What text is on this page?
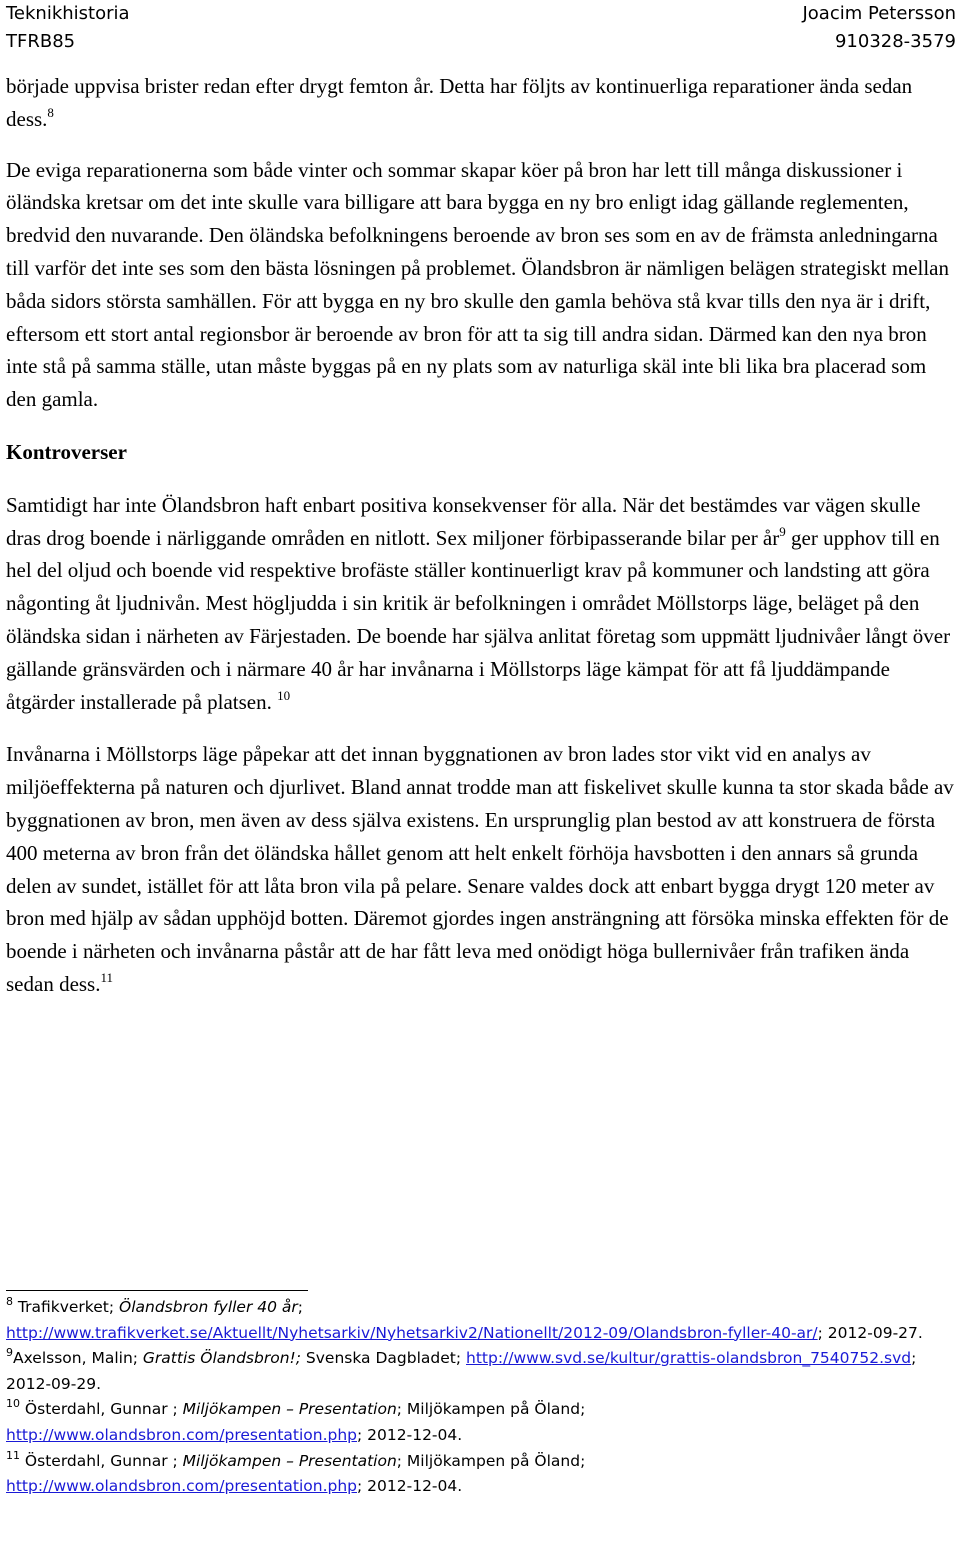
Teknikhistoria
TFRB85
Joacim Petersson
910328-3579

började uppvisa brister redan efter drygt femton år. Detta har följts av kontinuerliga reparationer ända sedan dess.$^8$

De eviga reparationerna som både vinter och sommar skapar köer på bron har lett till många diskussioner i öländska kretsar om det inte skulle vara billigare att bara bygga en ny bro enligt idag gällande reglementen, bredvid den nuvarande. Den öländska befolkningens beroende av bron ses som en av de främsta anledningarna till varför det inte ses som den bästa lösningen på problemet. Ölandsbron är nämligen belägen strategiskt mellan båda sidors största samhällen. För att bygga en ny bro skulle den gamla behöva stå kvar tills den nya är i drift, eftersom ett stort antal regionsbor är beroende av bron för att ta sig till andra sidan. Därmed kan den nya bron inte stå på samma ställe, utan måste byggas på en ny plats som av naturliga skäl inte bli lika bra placerad som den gamla.

Kontroverser

Samtidigt har inte Ölandsbron haft enbart positiva konsekvenser för alla. När det bestämdes var vägen skulle dras drog boende i närliggande områden en nitlott. Sex miljoner förbipasserande bilar per $år^9$ ger upphov till en hel del oljud och boende vid respektive brofäste ställer kontinuerligt krav på kommuner och landsting att göra någonting åt ljudnivån. Mest högljudda i sin kritik är befolkningen i området Möllstorps läge, beläget på den öländska sidan i närheten av Färjestaden. De boende har själva anlitat företag som uppmätt ljudnivåer långt över gällande gränsvärden och i närmare 40 år har invånarna i Möllstorps läge kämpat för att få ljuddämpande åtgärder installerade på platsen. $^{10}$

Invånarna i Möllstorps läge påpekar att det innan byggnationen av bron lades stor vikt vid en analys av miljöeffekterna på naturen och djurlivet. Bland annat trodde man att fiskelivet skulle kunna ta stor skada både av byggnationen av bron, men även av dess själva existens. En ursprunglig plan bestod av att konstruera de första 400 meterna av bron från det öländska hållet genom att helt enkelt förhöja havsbotten i den annars så grunda delen av sundet, istället för att låta bron vila på pelare. Senare valdes dock att enbart bygga drygt 120 meter av bron med hjälp av sådan upphöjd botten. Däremot gjordes ingen ansträngning att försöka minska effekten för de boende i närheten och invånarna påstår att de har fått leva med onödigt höga bullernivåer från trafiken ända sedan dess.$^{11}$

$^8$ Trafikverket; Ölandsbron fyller 40 år;
http://www.trafikverket.se/Aktuellt/Nyhetsarkiv/Nyhetsarkiv2/Nationellt/2012-09/Olandsbron-fyller-40-ar/; 2012-09-27.

$^9$Axelsson, Malin; Grattis Ölandsbron!; Svenska Dagbladet; http://www.svd.se/kultur/grattis-olandsbron_7540752.svd; 2012-09-29.

$^{10}$ Österdahl, Gunnar ; Miljökampen – Presentation; Miljökampen på Öland;
http://www.olandsbron.com/presentation.php; 2012-12-04.

$^{11}$ Österdahl, Gunnar ; Miljökampen – Presentation; Miljökampen på Öland;
http://www.olandsbron.com/presentation.php; 2012-12-04.
